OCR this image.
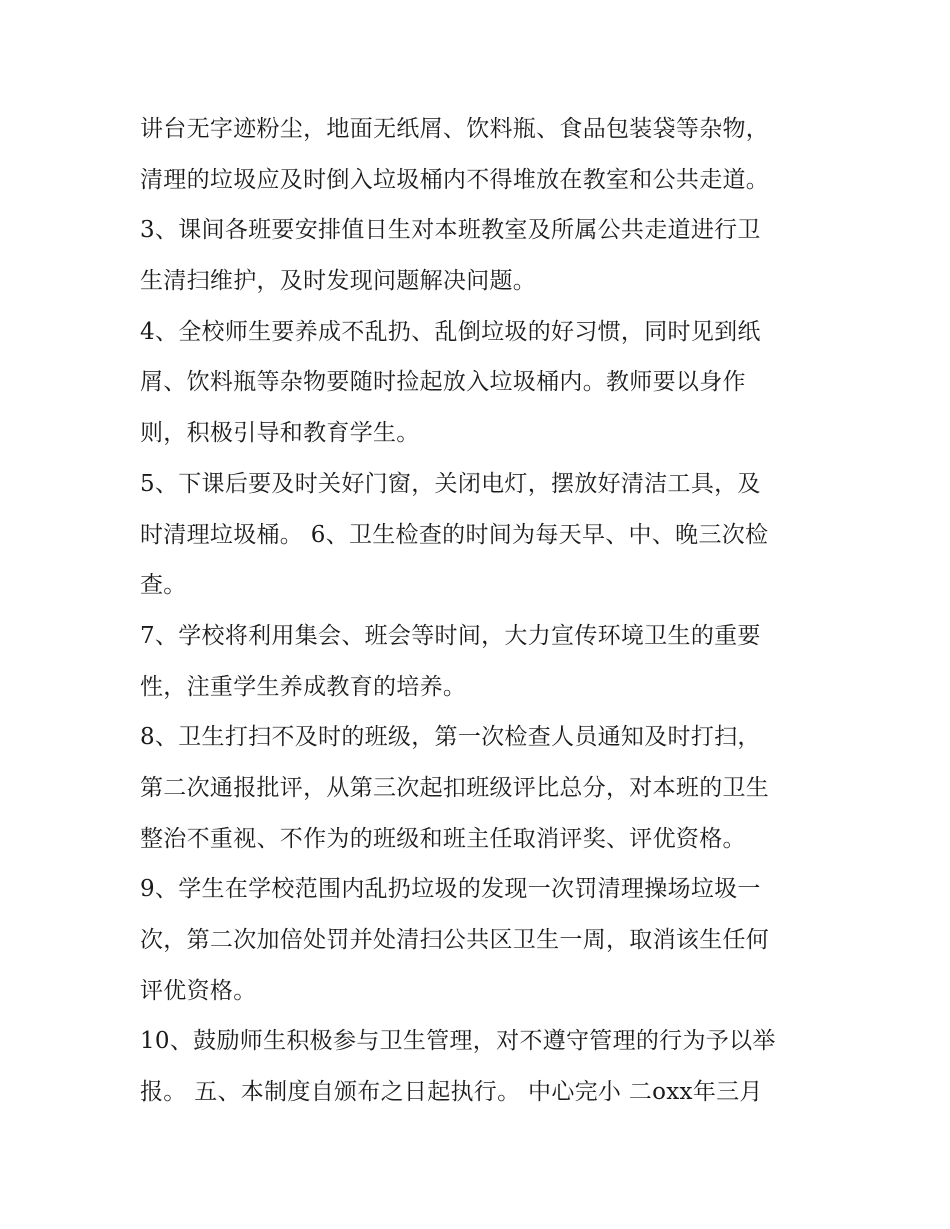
讲台无字迹粉尘，地面无纸屑、饮料瓶、食品包装袋等杂物，
清理的垃圾应及时倒入垃圾桶内不得堆放在教室和公共走道。
3、课间各班要安排值日生对本班教室及所属公共走道进行卫
生清扫维护，及时发现问题解决问题。
4、全校师生要养成不乱扔、乱倒垃圾的好习惯，同时见到纸
屑、饮料瓶等杂物要随时捡起放入垃圾桶内。教师要以身作
则，积极引导和教育学生。
5、下课后要及时关好门窗，关闭电灯，摆放好清洁工具，及
时清理垃圾桶。 6、卫生检查的时间为每天早、中、晚三次检
查。
7、学校将利用集会、班会等时间，大力宣传环境卫生的重要
性，注重学生养成教育的培养。
8、卫生打扫不及时的班级，第一次检查人员通知及时打扫，
第二次通报批评，从第三次起扣班级评比总分，对本班的卫生
整治不重视、不作为的班级和班主任取消评奖、评优资格。
9、学生在学校范围内乱扔垃圾的发现一次罚清理操场垃圾一
次，第二次加倍处罚并处清扫公共区卫生一周，取消该生任何
评优资格。
10、鼓励师生积极参与卫生管理，对不遵守管理的行为予以举
报。 五、本制度自颁布之日起执行。 中心完小 二oxx年三月
